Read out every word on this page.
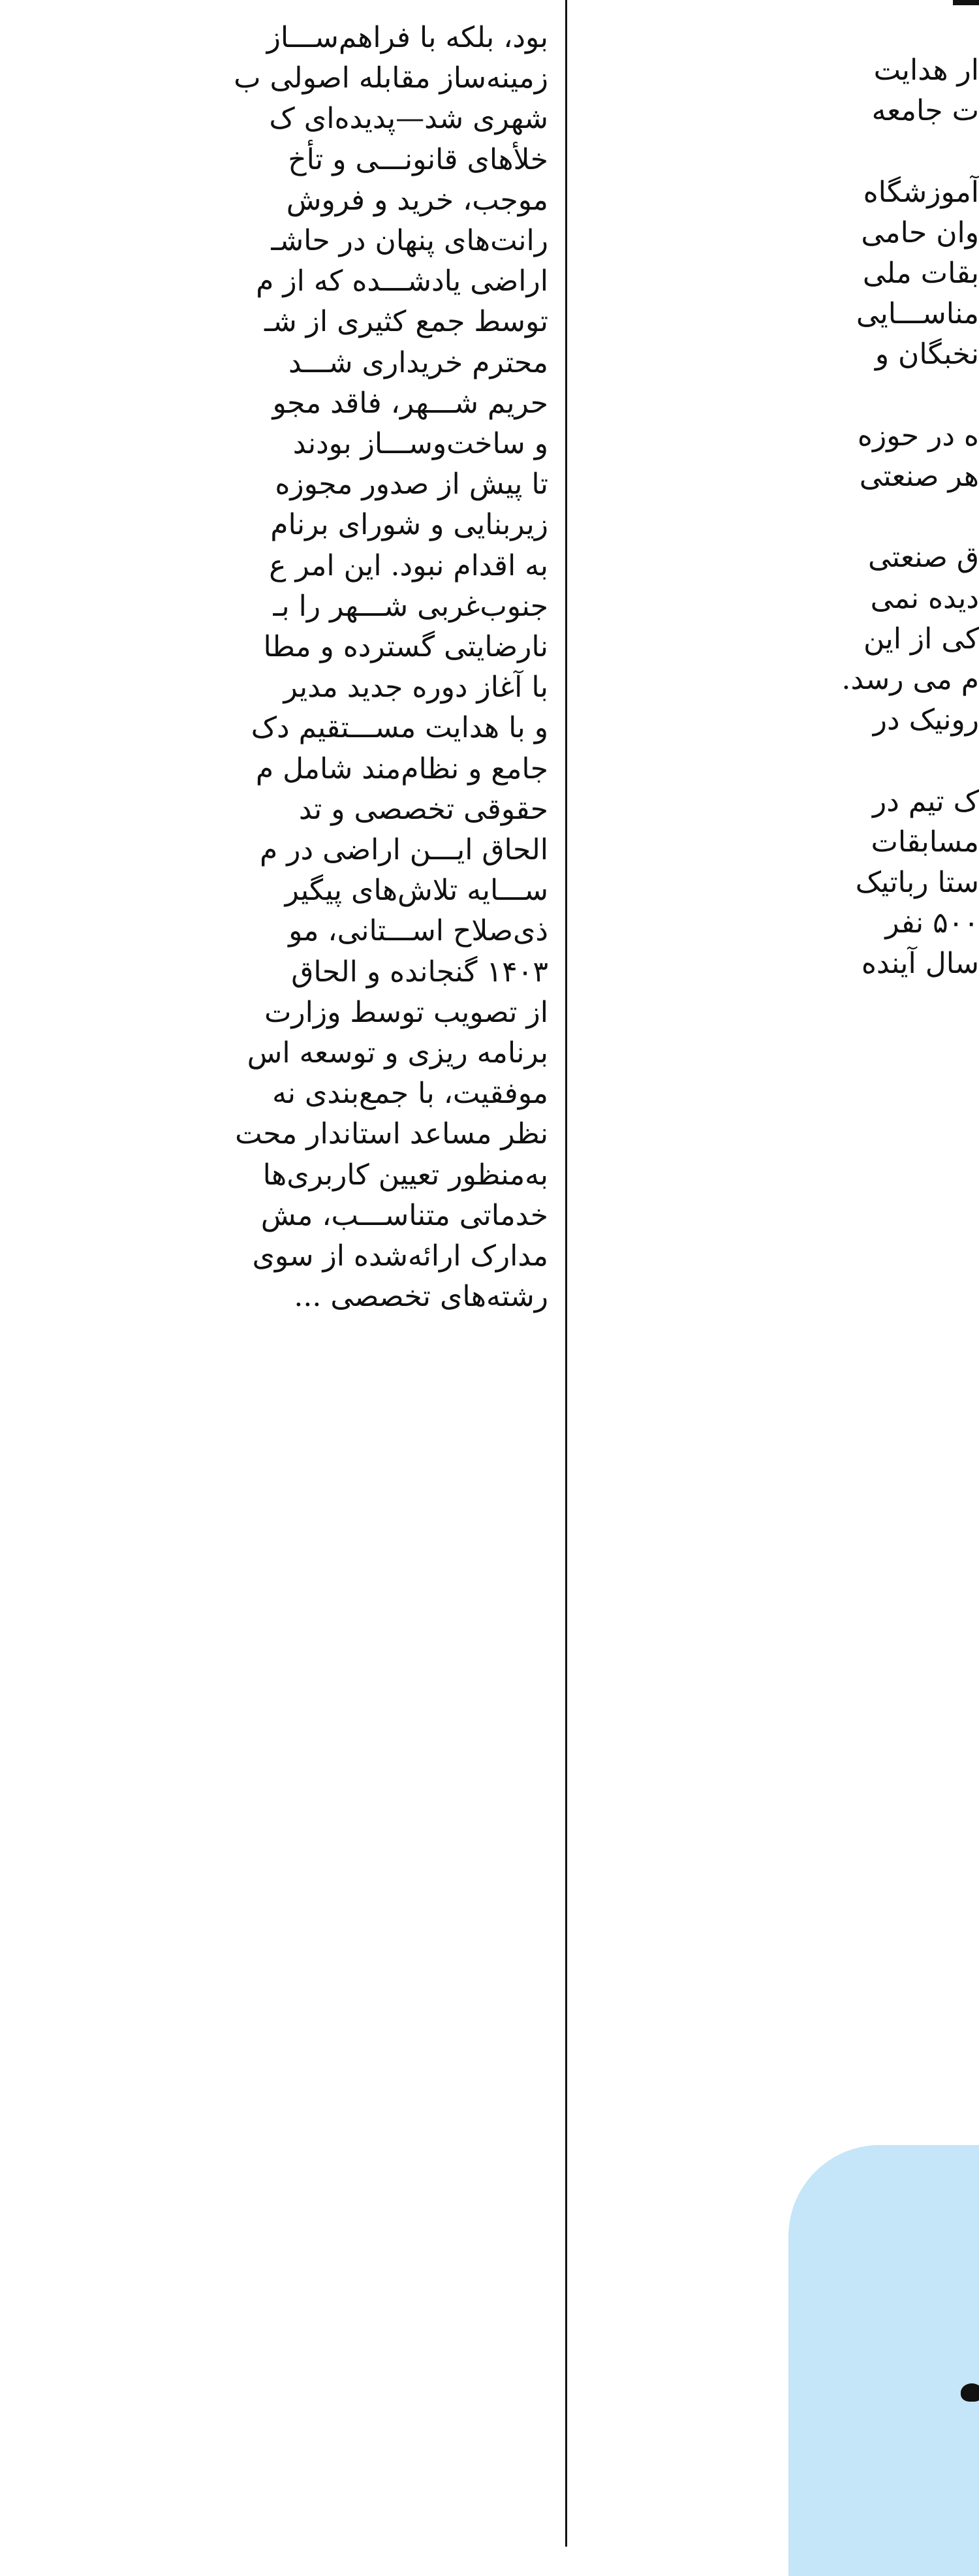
بود، بلکه با فراهم‌ســـاز
زمینه‌ساز مقابله اصولی ب
شهری شد—پدیده‌ای ک
خلأهای قانونـــی و تأخ
موجب، خرید و فروش
رانت‌های پنهان در حاشـ
اراضی یادشـــده که از م
توسط جمع کثیری از شـ
محترم خریداری شـــد
حریم شـــهر، فاقد مجو
و ساخت‌وســـاز بودند
تا پیش از صدور مجوزه
زیربنایی و شورای برنام
به اقدام نبود. این امر ع
جنوب‌غربی شـــهر را بـ
نارضایتی گسترده و مطا
با آغاز دوره جدید مدیر
و با هدایت مســـتقیم دک
جامع و نظام‌مند شامل م
حقوقی تخصصی و تد
الحاق ایـــن اراضی در م
ســـایه تلاش‌های پیگیر
ذی‌صلاح اســـتانی، مو
۱۴۰۳ گنجانده و الحاق
از تصویب توسط وزارت
برنامه ریزی و توسعه اس
موفقیت، با جمع‌بندی نه
نظر مساعد استاندار محت
به‌منظور تعیین کاربری‌ها
خدماتی متناســـب، مش
مدارک ارائه‌شده از سوی
رشته‌های تخصصی ...
ار هدایت
ت جامعه
آموزشگاه
وان حامی
بقات ملی
مناســـایی
نخبگان و
ه در حوزه
هر صنعتی
ق صنعتی
دیده نمی
کی از این
م می رسد.
رونیک در
ک تیم در
مسابقات
ستا رباتیک
۵۰۰ نفر
سال آینده
